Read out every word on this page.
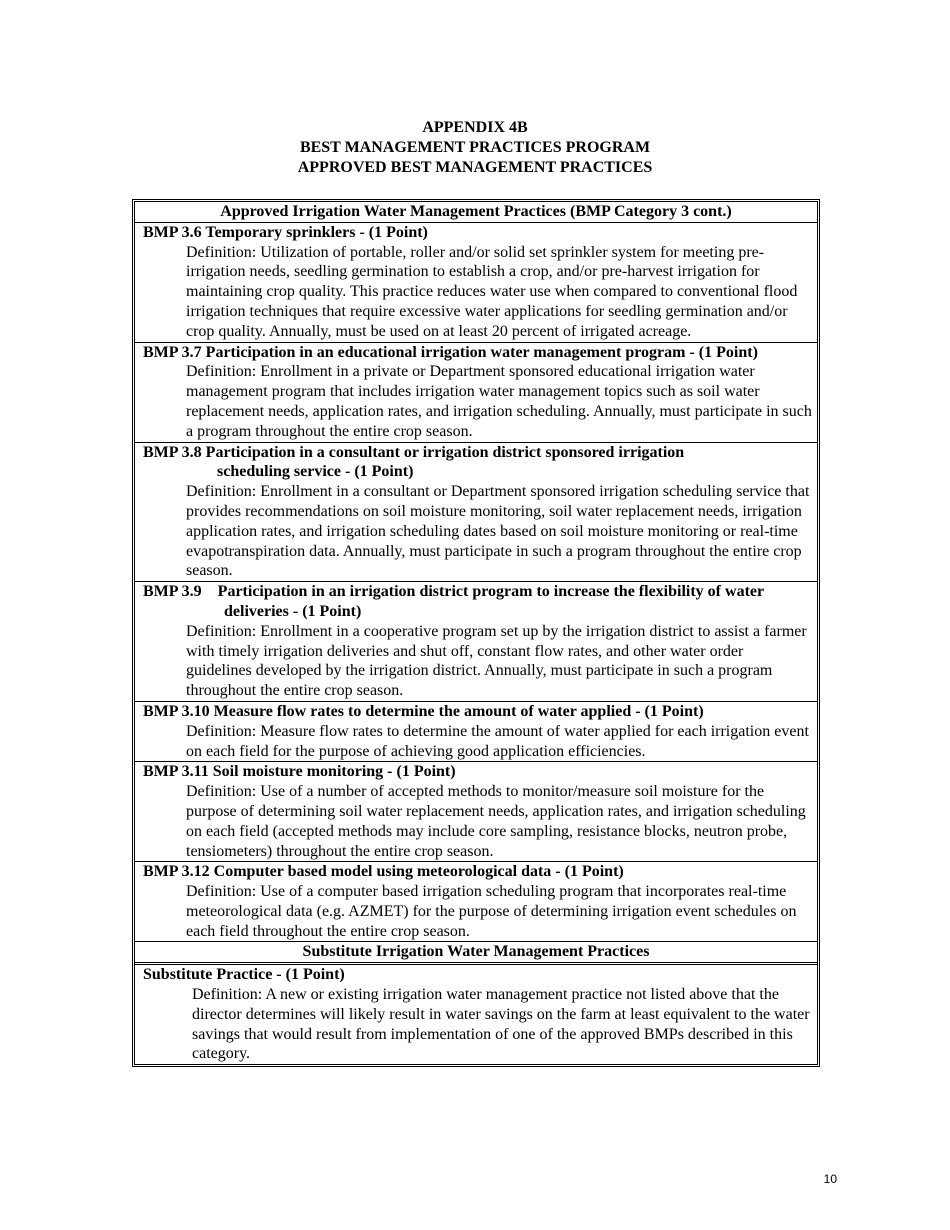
APPENDIX 4B
BEST MANAGEMENT PRACTICES PROGRAM
APPROVED BEST MANAGEMENT PRACTICES
Approved Irrigation Water Management Practices (BMP Category 3 cont.)
BMP 3.6 Temporary sprinklers - (1 Point)
Definition: Utilization of portable, roller and/or solid set sprinkler system for meeting pre-irrigation needs, seedling germination to establish a crop, and/or pre-harvest irrigation for maintaining crop quality. This practice reduces water use when compared to conventional flood irrigation techniques that require excessive water applications for seedling germination and/or crop quality. Annually, must be used on at least 20 percent of irrigated acreage.
BMP 3.7 Participation in an educational irrigation water management program - (1 Point)
Definition: Enrollment in a private or Department sponsored educational irrigation water management program that includes irrigation water management topics such as soil water replacement needs, application rates, and irrigation scheduling. Annually, must participate in such a program throughout the entire crop season.
BMP 3.8 Participation in a consultant or irrigation district sponsored irrigation
scheduling service - (1 Point)
Definition: Enrollment in a consultant or Department sponsored irrigation scheduling service that provides recommendations on soil moisture monitoring, soil water replacement needs, irrigation application rates, and irrigation scheduling dates based on soil moisture monitoring or real-time evapotranspiration data. Annually, must participate in such a program throughout the entire crop season.
BMP 3.9    Participation in an irrigation district program to increase the flexibility of water
deliveries - (1 Point)
Definition: Enrollment in a cooperative program set up by the irrigation district to assist a farmer with timely irrigation deliveries and shut off, constant flow rates, and other water order guidelines developed by the irrigation district. Annually, must participate in such a program throughout the entire crop season.
BMP 3.10 Measure flow rates to determine the amount of water applied - (1 Point)
Definition: Measure flow rates to determine the amount of water applied for each irrigation event on each field for the purpose of achieving good application efficiencies.
BMP 3.11 Soil moisture monitoring - (1 Point)
Definition: Use of a number of accepted methods to monitor/measure soil moisture for the purpose of determining soil water replacement needs, application rates, and irrigation scheduling on each field (accepted methods may include core sampling, resistance blocks, neutron probe, tensiometers) throughout the entire crop season.
BMP 3.12 Computer based model using meteorological data - (1 Point)
Definition: Use of a computer based irrigation scheduling program that incorporates real-time meteorological data (e.g. AZMET) for the purpose of determining irrigation event schedules on each field throughout the entire crop season.
Substitute Irrigation Water Management Practices
Substitute Practice - (1 Point)
Definition: A new or existing irrigation water management practice not listed above that the director determines will likely result in water savings on the farm at least equivalent to the water savings that would result from implementation of one of the approved BMPs described in this category.
10
